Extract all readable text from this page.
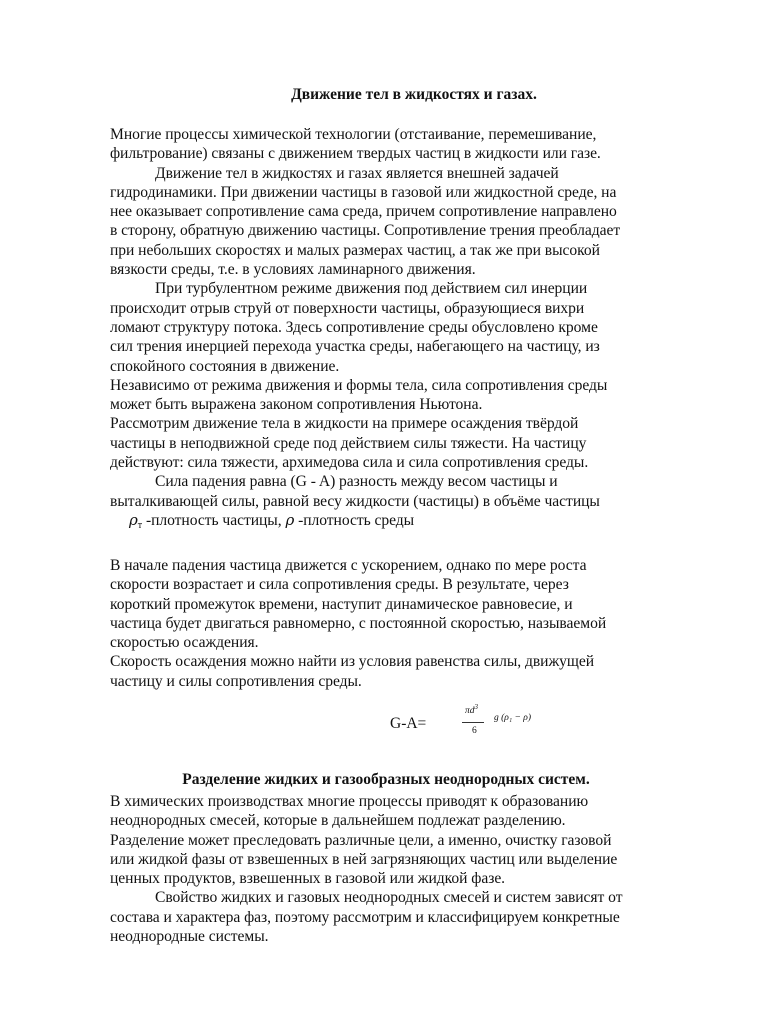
Движение тел в жидкостях и газах.
Многие процессы химической технологии (отстаивание, перемешивание,
фильтрование) связаны с движением твердых частиц в жидкости или газе.
Движение тел в жидкостях и газах является внешней задачей
гидродинамики. При движении частицы в газовой или жидкостной среде, на
нее оказывает сопротивление сама среда, причем сопротивление направлено
в сторону, обратную движению частицы. Сопротивление трения преобладает
при небольших скоростях и малых размерах частиц, а так же при высокой
вязкости среды, т.е. в условиях ламинарного движения.
При турбулентном режиме движения под действием сил инерции
происходит отрыв струй от поверхности частицы, образующиеся вихри
ломают структуру потока. Здесь сопротивление среды обусловлено кроме
сил трения инерцией перехода участка среды, набегающего на частицу, из
спокойного состояния в движение.
Независимо от режима движения и формы тела, сила сопротивления среды
может быть выражена законом сопротивления Ньютона.
Рассмотрим движение тела в жидкости на примере осаждения твёрдой
частицы в неподвижной среде под действием силы тяжести. На частицу
действуют: сила тяжести, архимедова сила и сила сопротивления среды.
Сила падения равна (G - A) разность между весом частицы и
выталкивающей силы, равной весу жидкости (частицы) в объёме частицы
$\rho_т$ -плотность частицы, ρ -плотность среды
В начале падения частица движется с ускорением, однако по мере роста
скорости возрастает и сила сопротивления среды. В результате, через
короткий промежуток времени, наступит динамическое равновесие, и
частица будет двигаться равномерно, с постоянной скоростью, называемой
скоростью осаждения.
Скорость осаждения можно найти из условия равенства силы, движущей
частицу и силы сопротивления среды.
G-A=
$\pi d^3$
6
g (ρ₁ − ρ)
Разделение жидких и газообразных неоднородных систем.
В химических производствах многие процессы приводят к образованию
неоднородных смесей, которые в дальнейшем подлежат разделению.
Разделение может преследовать различные цели, а именно, очистку газовой
или жидкой фазы от взвешенных в ней загрязняющих частиц или выделение
ценных продуктов, взвешенных в газовой или жидкой фазе.
Свойство жидких и газовых неоднородных смесей и систем зависят от
состава и характера фаз, поэтому рассмотрим и классифицируем конкретные
неоднородные системы.
